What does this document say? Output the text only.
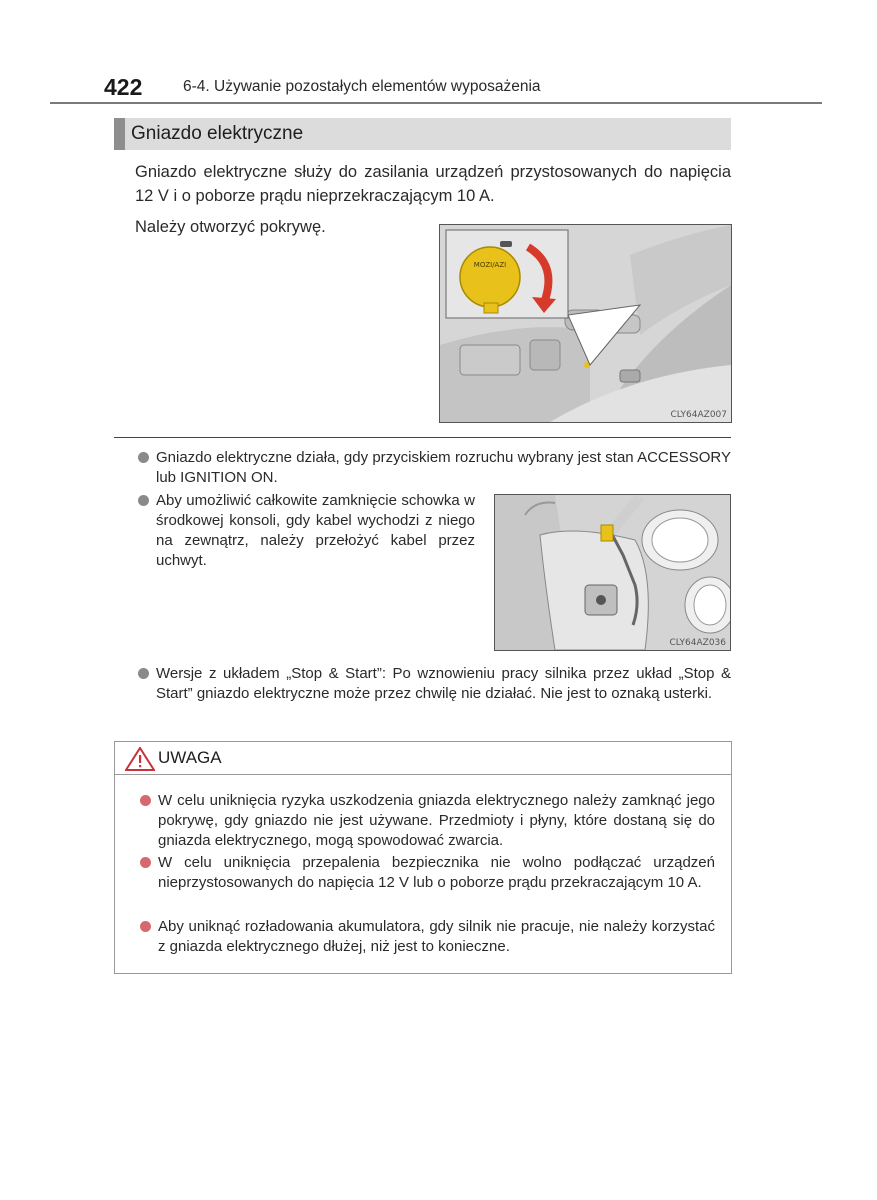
422	6-4. Używanie pozostałych elementów wyposażenia
Gniazdo elektryczne
Gniazdo elektryczne służy do zasilania urządzeń przystosowanych do napięcia 12 V i o poborze prądu nieprzekraczającym 10 A.
Należy otworzyć pokrywę.
MOZI/AZI
CLY64AZ007
Gniazdo elektryczne działa, gdy przyciskiem rozruchu wybrany jest stan ACCESSORY lub IGNITION ON.
Aby umożliwić całkowite zamknięcie schowka w środkowej konsoli, gdy kabel wychodzi z niego na zewnątrz, należy przełożyć kabel przez uchwyt.
CLY64AZ036
Wersje z układem „Stop & Start”: Po wznowieniu pracy silnika przez układ „Stop & Start” gniazdo elektryczne może przez chwilę nie działać. Nie jest to oznaką usterki.
UWAGA
W celu uniknięcia ryzyka uszkodzenia gniazda elektrycznego należy zamknąć jego pokrywę, gdy gniazdo nie jest używane. Przedmioty i płyny, które dostaną się do gniazda elektrycznego, mogą spowodować zwarcia.
W celu uniknięcia przepalenia bezpiecznika nie wolno podłączać urządzeń nieprzystosowanych do napięcia 12 V lub o poborze prądu przekraczającym 10 A.
Aby uniknąć rozładowania akumulatora, gdy silnik nie pracuje, nie należy korzystać z gniazda elektrycznego dłużej, niż jest to konieczne.
